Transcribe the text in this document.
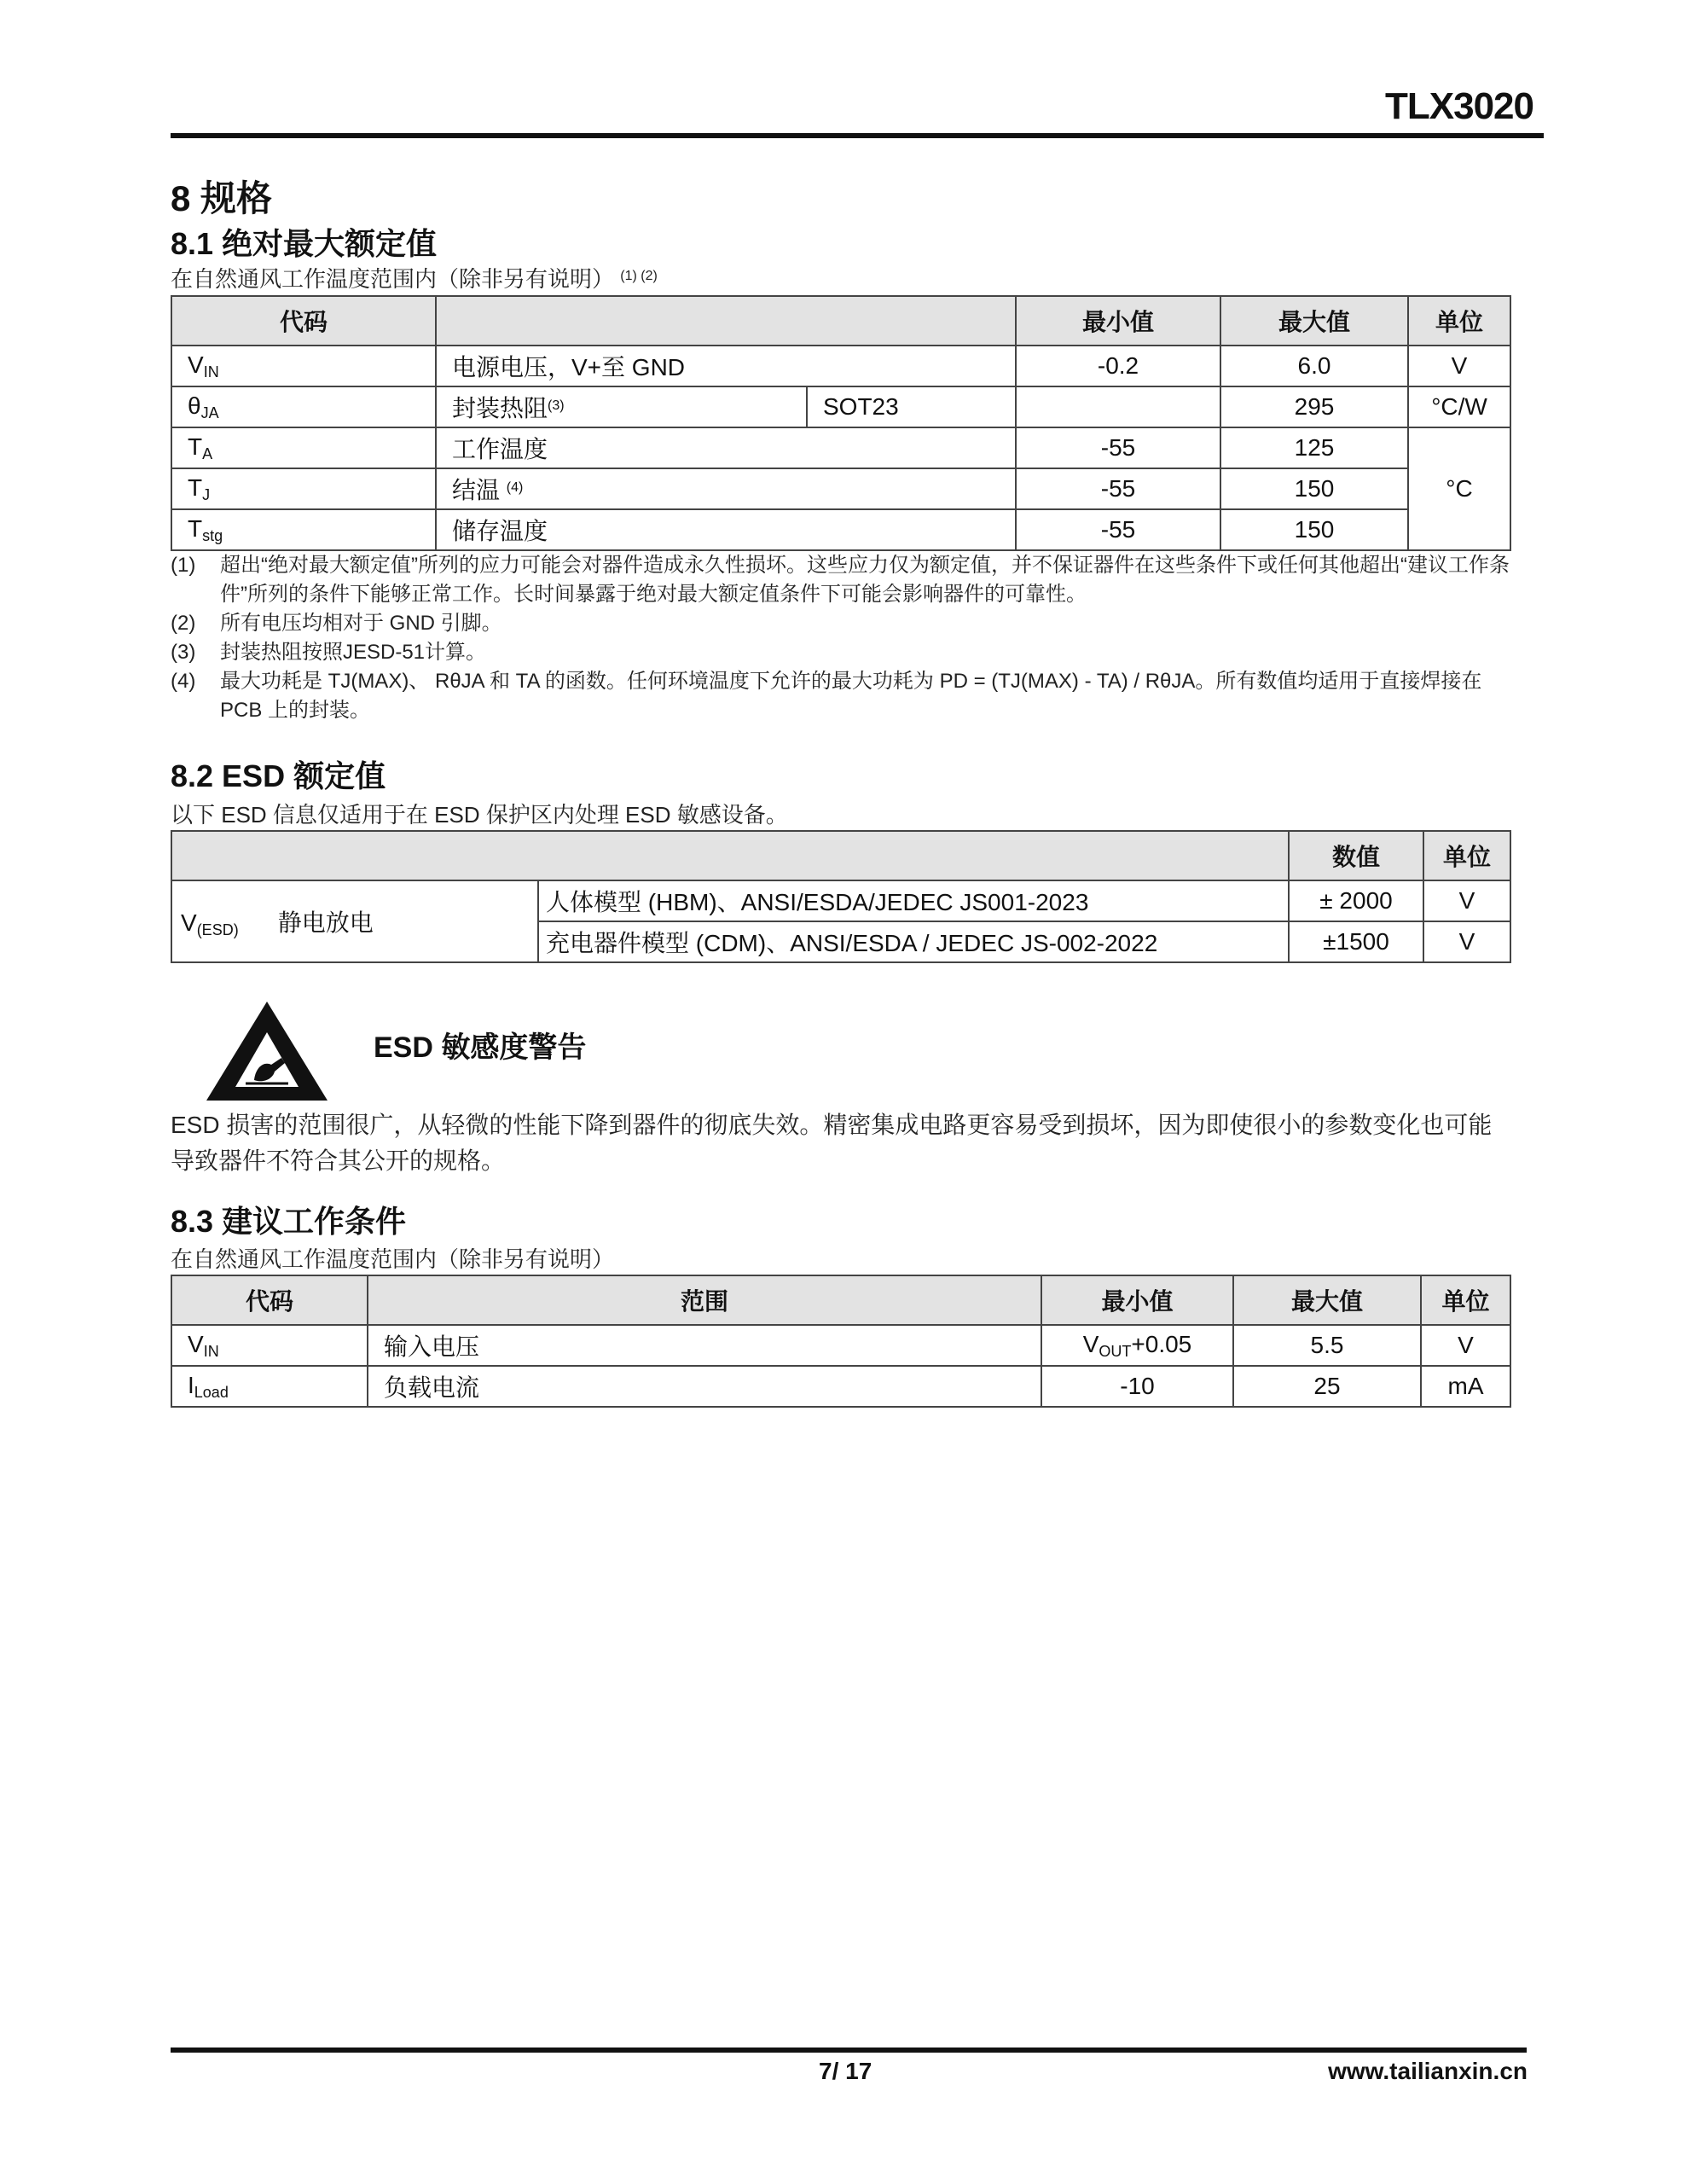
TLX3020
8 规格
8.1 绝对最大额定值
在自然通风工作温度范围内（除非另有说明） $^{(1) (2)}$
代码			最小值	最大值	单位
VIN	电源电压，V+至 GND		-0.2	6.0	V
θJA	封装热阻$^{(3)}$	SOT23		295	°C/W
TA	工作温度		-55	125	°C
TJ	结温 $^{(4)}$		-55	150	
Tstg	储存温度		-55	150	
(1)	超出“绝对最大额定值”所列的应力可能会对器件造成永久性损坏。这些应力仅为额定值，并不保证器件在这些条件下或任何其他超出“建议工作条件”所列的条件下能够正常工作。长时间暴露于绝对最大额定值条件下可能会影响器件的可靠性。
(2)	所有电压均相对于 GND 引脚。
(3)	封装热阻按照JESD-51计算。
(4)	最大功耗是 TJ(MAX)、 RθJA 和 TA 的函数。任何环境温度下允许的最大功耗为 PD = (TJ(MAX) - TA) / RθJA。所有数值均适用于直接焊接在 PCB 上的封装。
8.2 ESD 额定值
以下 ESD 信息仅适用于在 ESD 保护区内处理 ESD 敏感设备。
		数值	单位
V(ESD) 静电放电	人体模型 (HBM)、ANSI/ESDA/JEDEC JS001-2023	± 2000	V
	充电器件模型 (CDM)、ANSI/ESDA / JEDEC JS-002-2022	±1500	V
ESD 敏感度警告
ESD 损害的范围很广，从轻微的性能下降到器件的彻底失效。精密集成电路更容易受到损坏，因为即使很小的参数变化也可能导致器件不符合其公开的规格。
8.3 建议工作条件
在自然通风工作温度范围内（除非另有说明）
代码	范围	最小值	最大值	单位
VIN	输入电压	VOUT+0.05	5.5	V
ILoad	负载电流	-10	25	mA
7/ 17	www.tailianxin.cn
